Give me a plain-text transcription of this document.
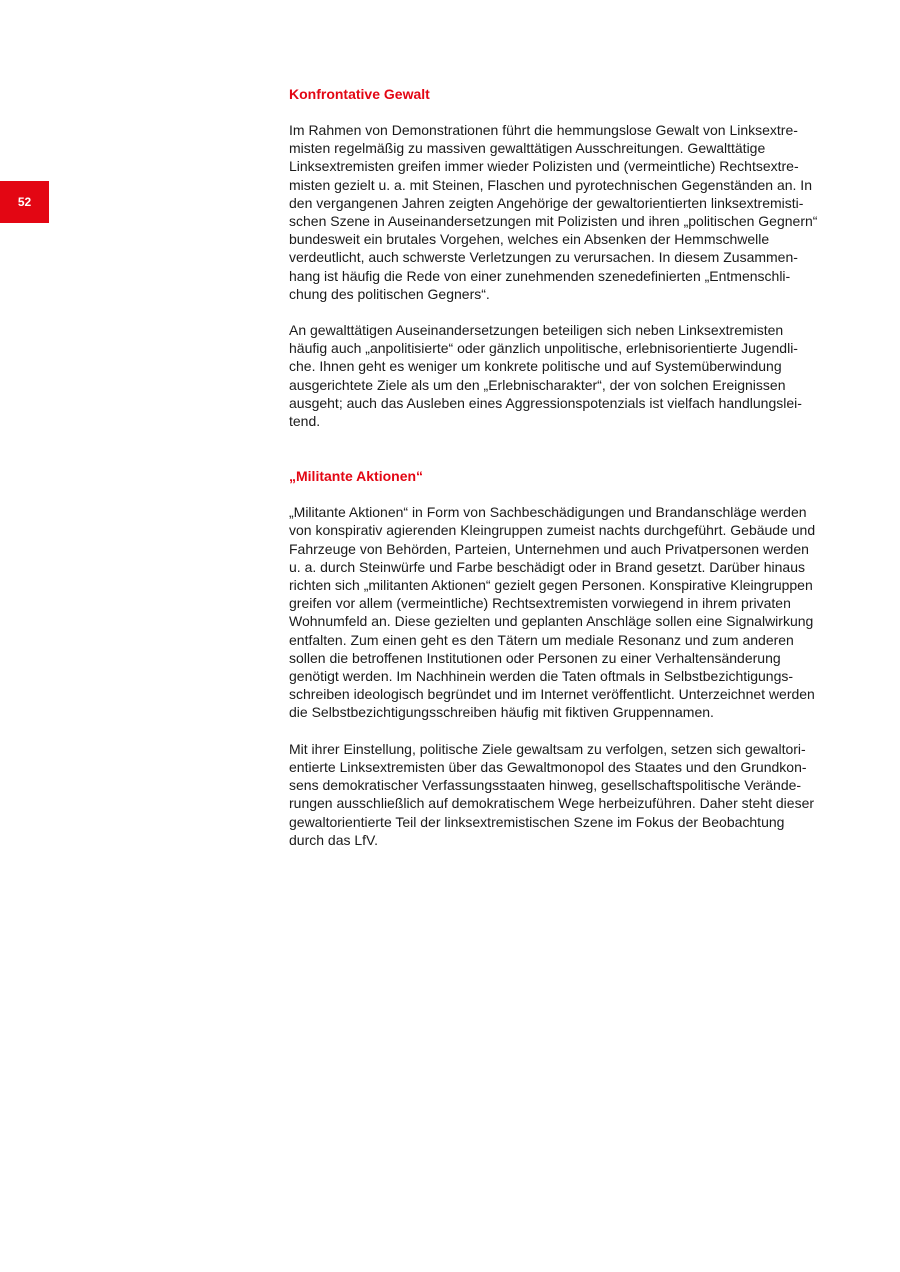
52
Konfrontative Gewalt

Im Rahmen von Demonstrationen führt die hemmungslose Gewalt von Linksextre-
misten regelmäßig zu massiven gewalttätigen Ausschreitungen. Gewalttätige
Linksextremisten greifen immer wieder Polizisten und (vermeintliche) Rechtsextre-
misten gezielt u. a. mit Steinen, Flaschen und pyrotechnischen Gegenständen an. In
den vergangenen Jahren zeigten Angehörige der gewaltorientierten linksextremisti-
schen Szene in Auseinandersetzungen mit Polizisten und ihren „politischen Gegnern“
bundesweit ein brutales Vorgehen, welches ein Absenken der Hemmschwelle
verdeutlicht, auch schwerste Verletzungen zu verursachen. In diesem Zusammen-
hang ist häufig die Rede von einer zunehmenden szenedefinierten „Entmenschli-
chung des politischen Gegners“.

An gewalttätigen Auseinandersetzungen beteiligen sich neben Linksextremisten
häufig auch „anpolitisierte“ oder gänzlich unpolitische, erlebnisorientierte Jugendli-
che. Ihnen geht es weniger um konkrete politische und auf Systemüberwindung
ausgerichtete Ziele als um den „Erlebnischarakter“, der von solchen Ereignissen
ausgeht; auch das Ausleben eines Aggressionspotenzials ist vielfach handlungslei-
tend.

„Militante Aktionen“

„Militante Aktionen“ in Form von Sachbeschädigungen und Brandanschläge werden
von konspirativ agierenden Kleingruppen zumeist nachts durchgeführt. Gebäude und
Fahrzeuge von Behörden, Parteien, Unternehmen und auch Privatpersonen werden
u. a. durch Steinwürfe und Farbe beschädigt oder in Brand gesetzt. Darüber hinaus
richten sich „militanten Aktionen“ gezielt gegen Personen. Konspirative Kleingruppen
greifen vor allem (vermeintliche) Rechtsextremisten vorwiegend in ihrem privaten
Wohnumfeld an. Diese gezielten und geplanten Anschläge sollen eine Signalwirkung
entfalten. Zum einen geht es den Tätern um mediale Resonanz und zum anderen
sollen die betroffenen Institutionen oder Personen zu einer Verhaltensänderung
genötigt werden. Im Nachhinein werden die Taten oftmals in Selbstbezichtigungs-
schreiben ideologisch begründet und im Internet veröffentlicht. Unterzeichnet werden
die Selbstbezichtigungsschreiben häufig mit fiktiven Gruppennamen.

Mit ihrer Einstellung, politische Ziele gewaltsam zu verfolgen, setzen sich gewaltori-
entierte Linksextremisten über das Gewaltmonopol des Staates und den Grundkon-
sens demokratischer Verfassungsstaaten hinweg, gesellschaftspolitische Verände-
rungen ausschließlich auf demokratischem Wege herbeizuführen. Daher steht dieser
gewaltorientierte Teil der linksextremistischen Szene im Fokus der Beobachtung
durch das LfV.
